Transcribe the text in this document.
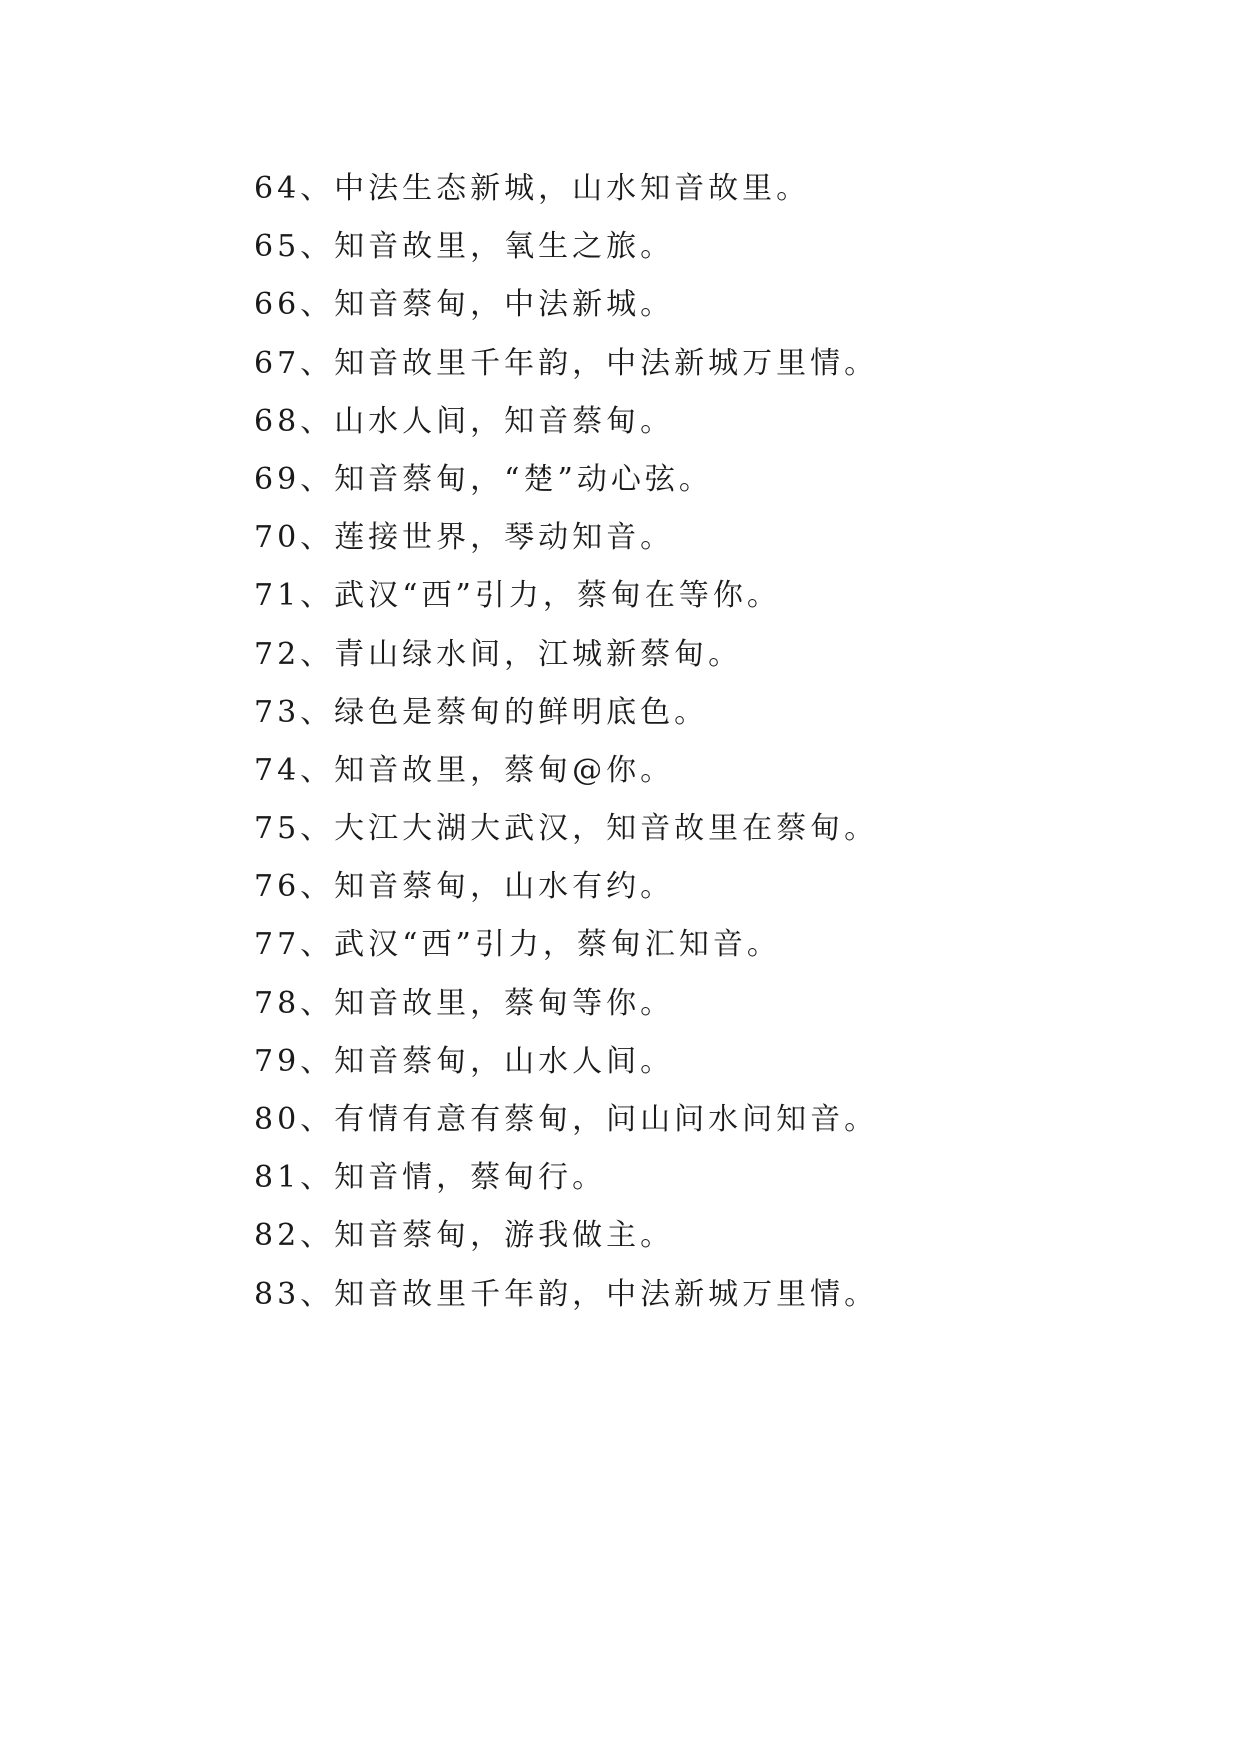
64、中法生态新城，山水知音故里。
65、知音故里，氧生之旅。
66、知音蔡甸，中法新城。
67、知音故里千年韵，中法新城万里情。
68、山水人间，知音蔡甸。
69、知音蔡甸，“楚”动心弦。
70、莲接世界，琴动知音。
71、武汉“西”引力，蔡甸在等你。
72、青山绿水间，江城新蔡甸。
73、绿色是蔡甸的鲜明底色。
74、知音故里，蔡甸@你。
75、大江大湖大武汉，知音故里在蔡甸。
76、知音蔡甸，山水有约。
77、武汉“西”引力，蔡甸汇知音。
78、知音故里，蔡甸等你。
79、知音蔡甸，山水人间。
80、有情有意有蔡甸，问山问水问知音。
81、知音情，蔡甸行。
82、知音蔡甸，游我做主。
83、知音故里千年韵，中法新城万里情。
